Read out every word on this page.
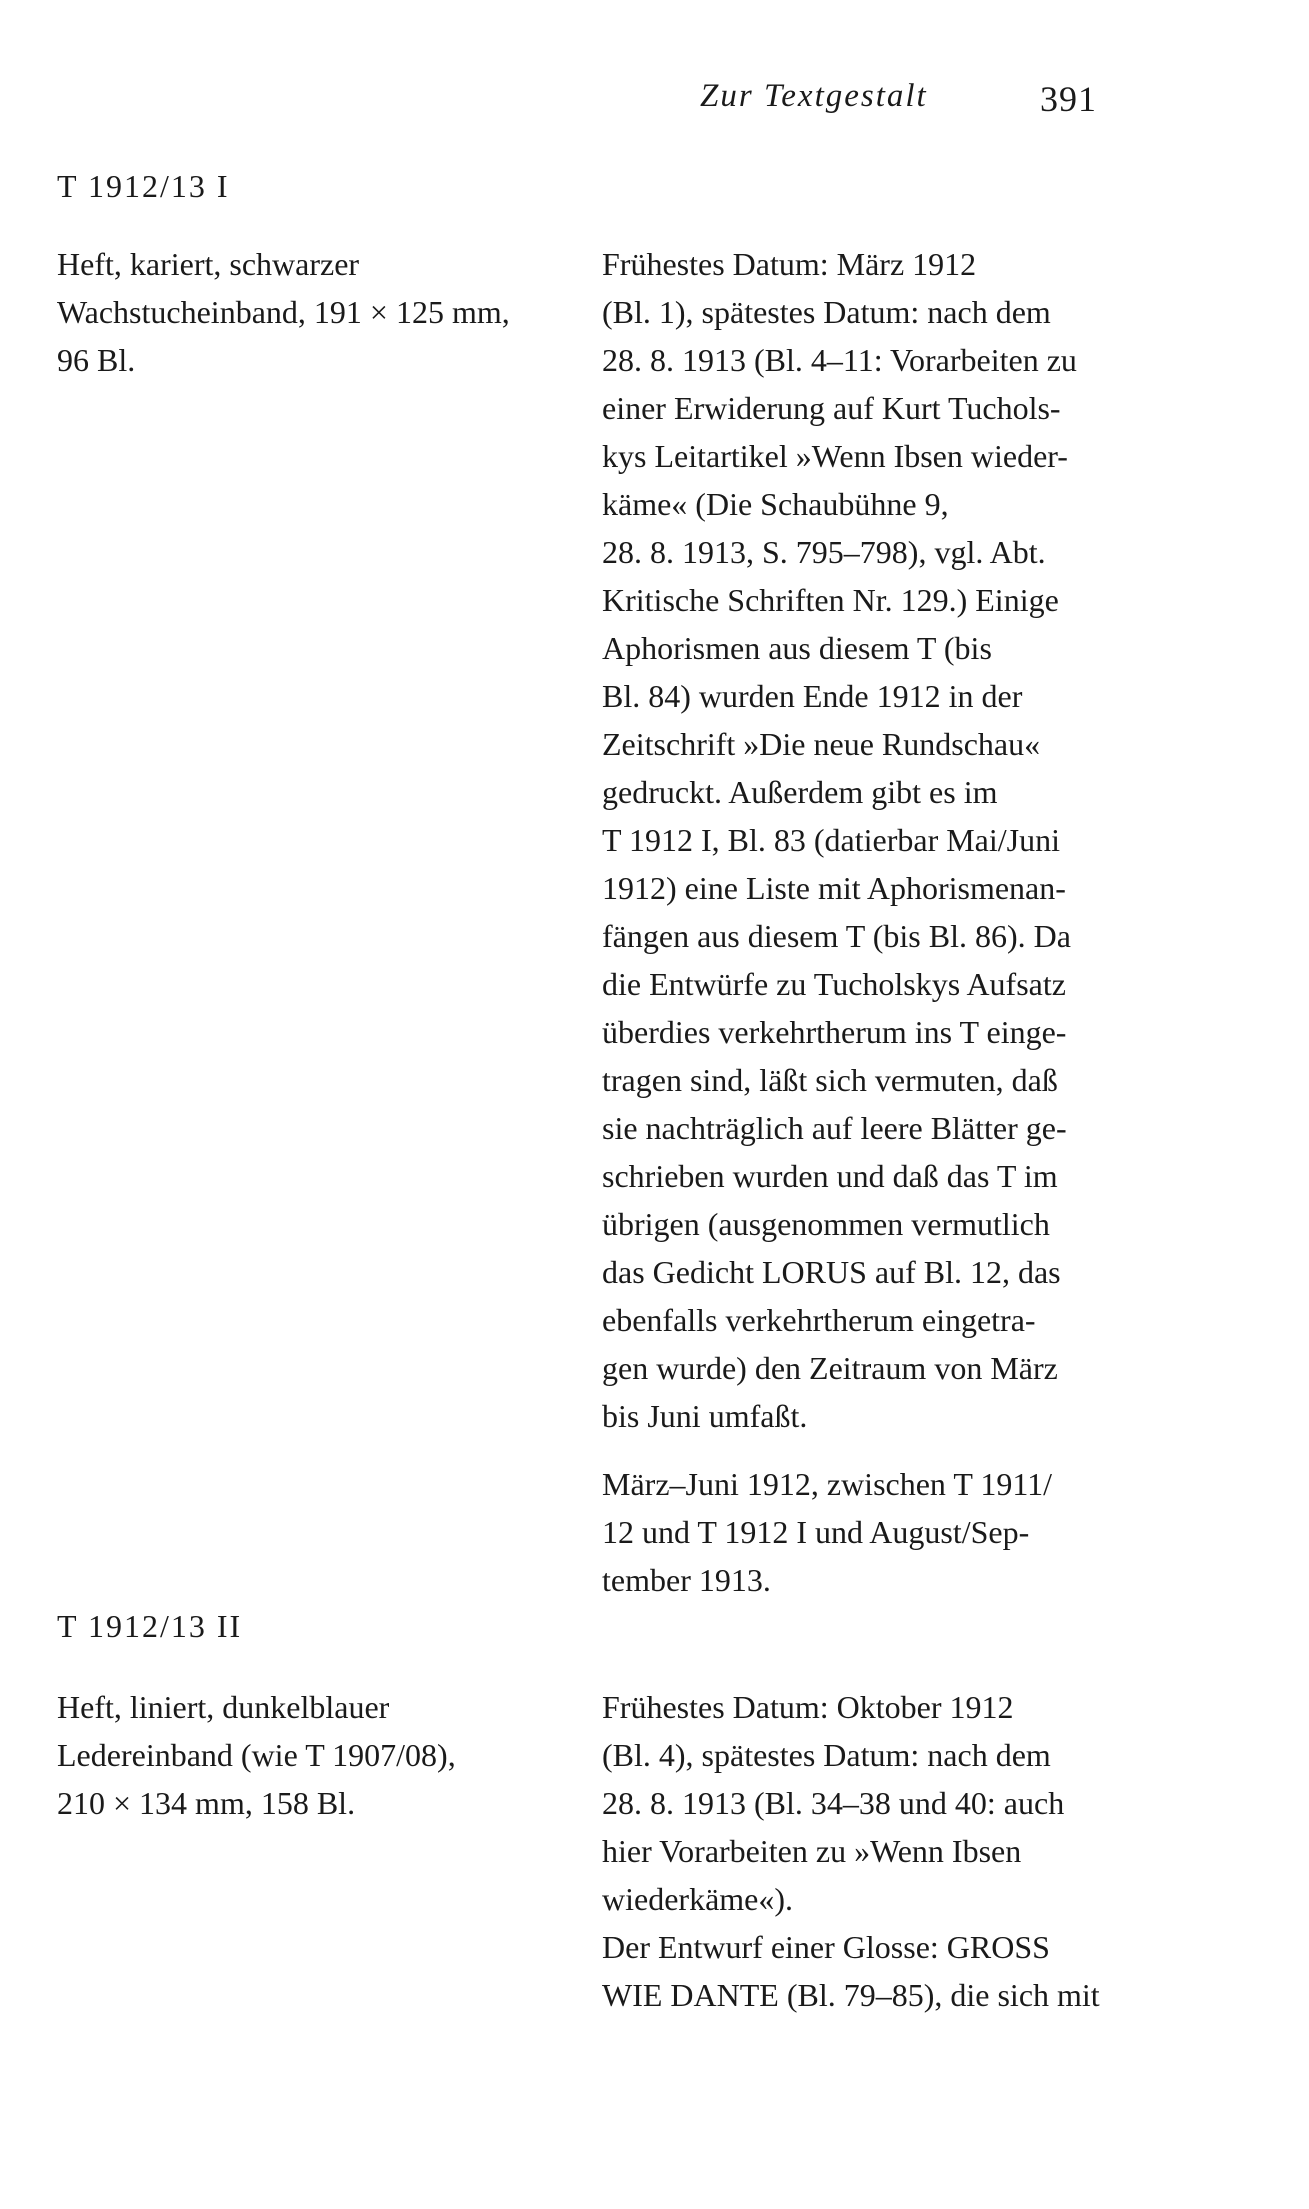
Zur Textgestalt	391
T 1912/13 I
Heft, kariert, schwarzer
Wachstucheinband, 191 × 125 mm,
96 Bl.
Frühestes Datum: März 1912
(Bl. 1), spätestes Datum: nach dem
28. 8. 1913 (Bl. 4–11: Vorarbeiten zu
einer Erwiderung auf Kurt Tuchols-
kys Leitartikel »Wenn Ibsen wieder-
käme« (Die Schaubühne 9,
28. 8. 1913, S. 795–798), vgl. Abt.
Kritische Schriften Nr. 129.) Einige
Aphorismen aus diesem T (bis
Bl. 84) wurden Ende 1912 in der
Zeitschrift »Die neue Rundschau«
gedruckt. Außerdem gibt es im
T 1912 I, Bl. 83 (datierbar Mai/Juni
1912) eine Liste mit Aphorismenan-
fängen aus diesem T (bis Bl. 86). Da
die Entwürfe zu Tucholskys Aufsatz
überdies verkehrtherum ins T einge-
tragen sind, läßt sich vermuten, daß
sie nachträglich auf leere Blätter ge-
schrieben wurden und daß das T im
übrigen (ausgenommen vermutlich
das Gedicht LORUS auf Bl. 12, das
ebenfalls verkehrtherum eingetra-
gen wurde) den Zeitraum von März
bis Juni umfaßt.
März–Juni 1912, zwischen T 1911/
12 und T 1912 I und August/Sep-
tember 1913.
T 1912/13 II
Heft, liniert, dunkelblauer
Ledereinband (wie T 1907/08),
210 × 134 mm, 158 Bl.
Frühestes Datum: Oktober 1912
(Bl. 4), spätestes Datum: nach dem
28. 8. 1913 (Bl. 34–38 und 40: auch
hier Vorarbeiten zu »Wenn Ibsen
wiederkäme«).
Der Entwurf einer Glosse: GROSS
WIE DANTE (Bl. 79–85), die sich mit
